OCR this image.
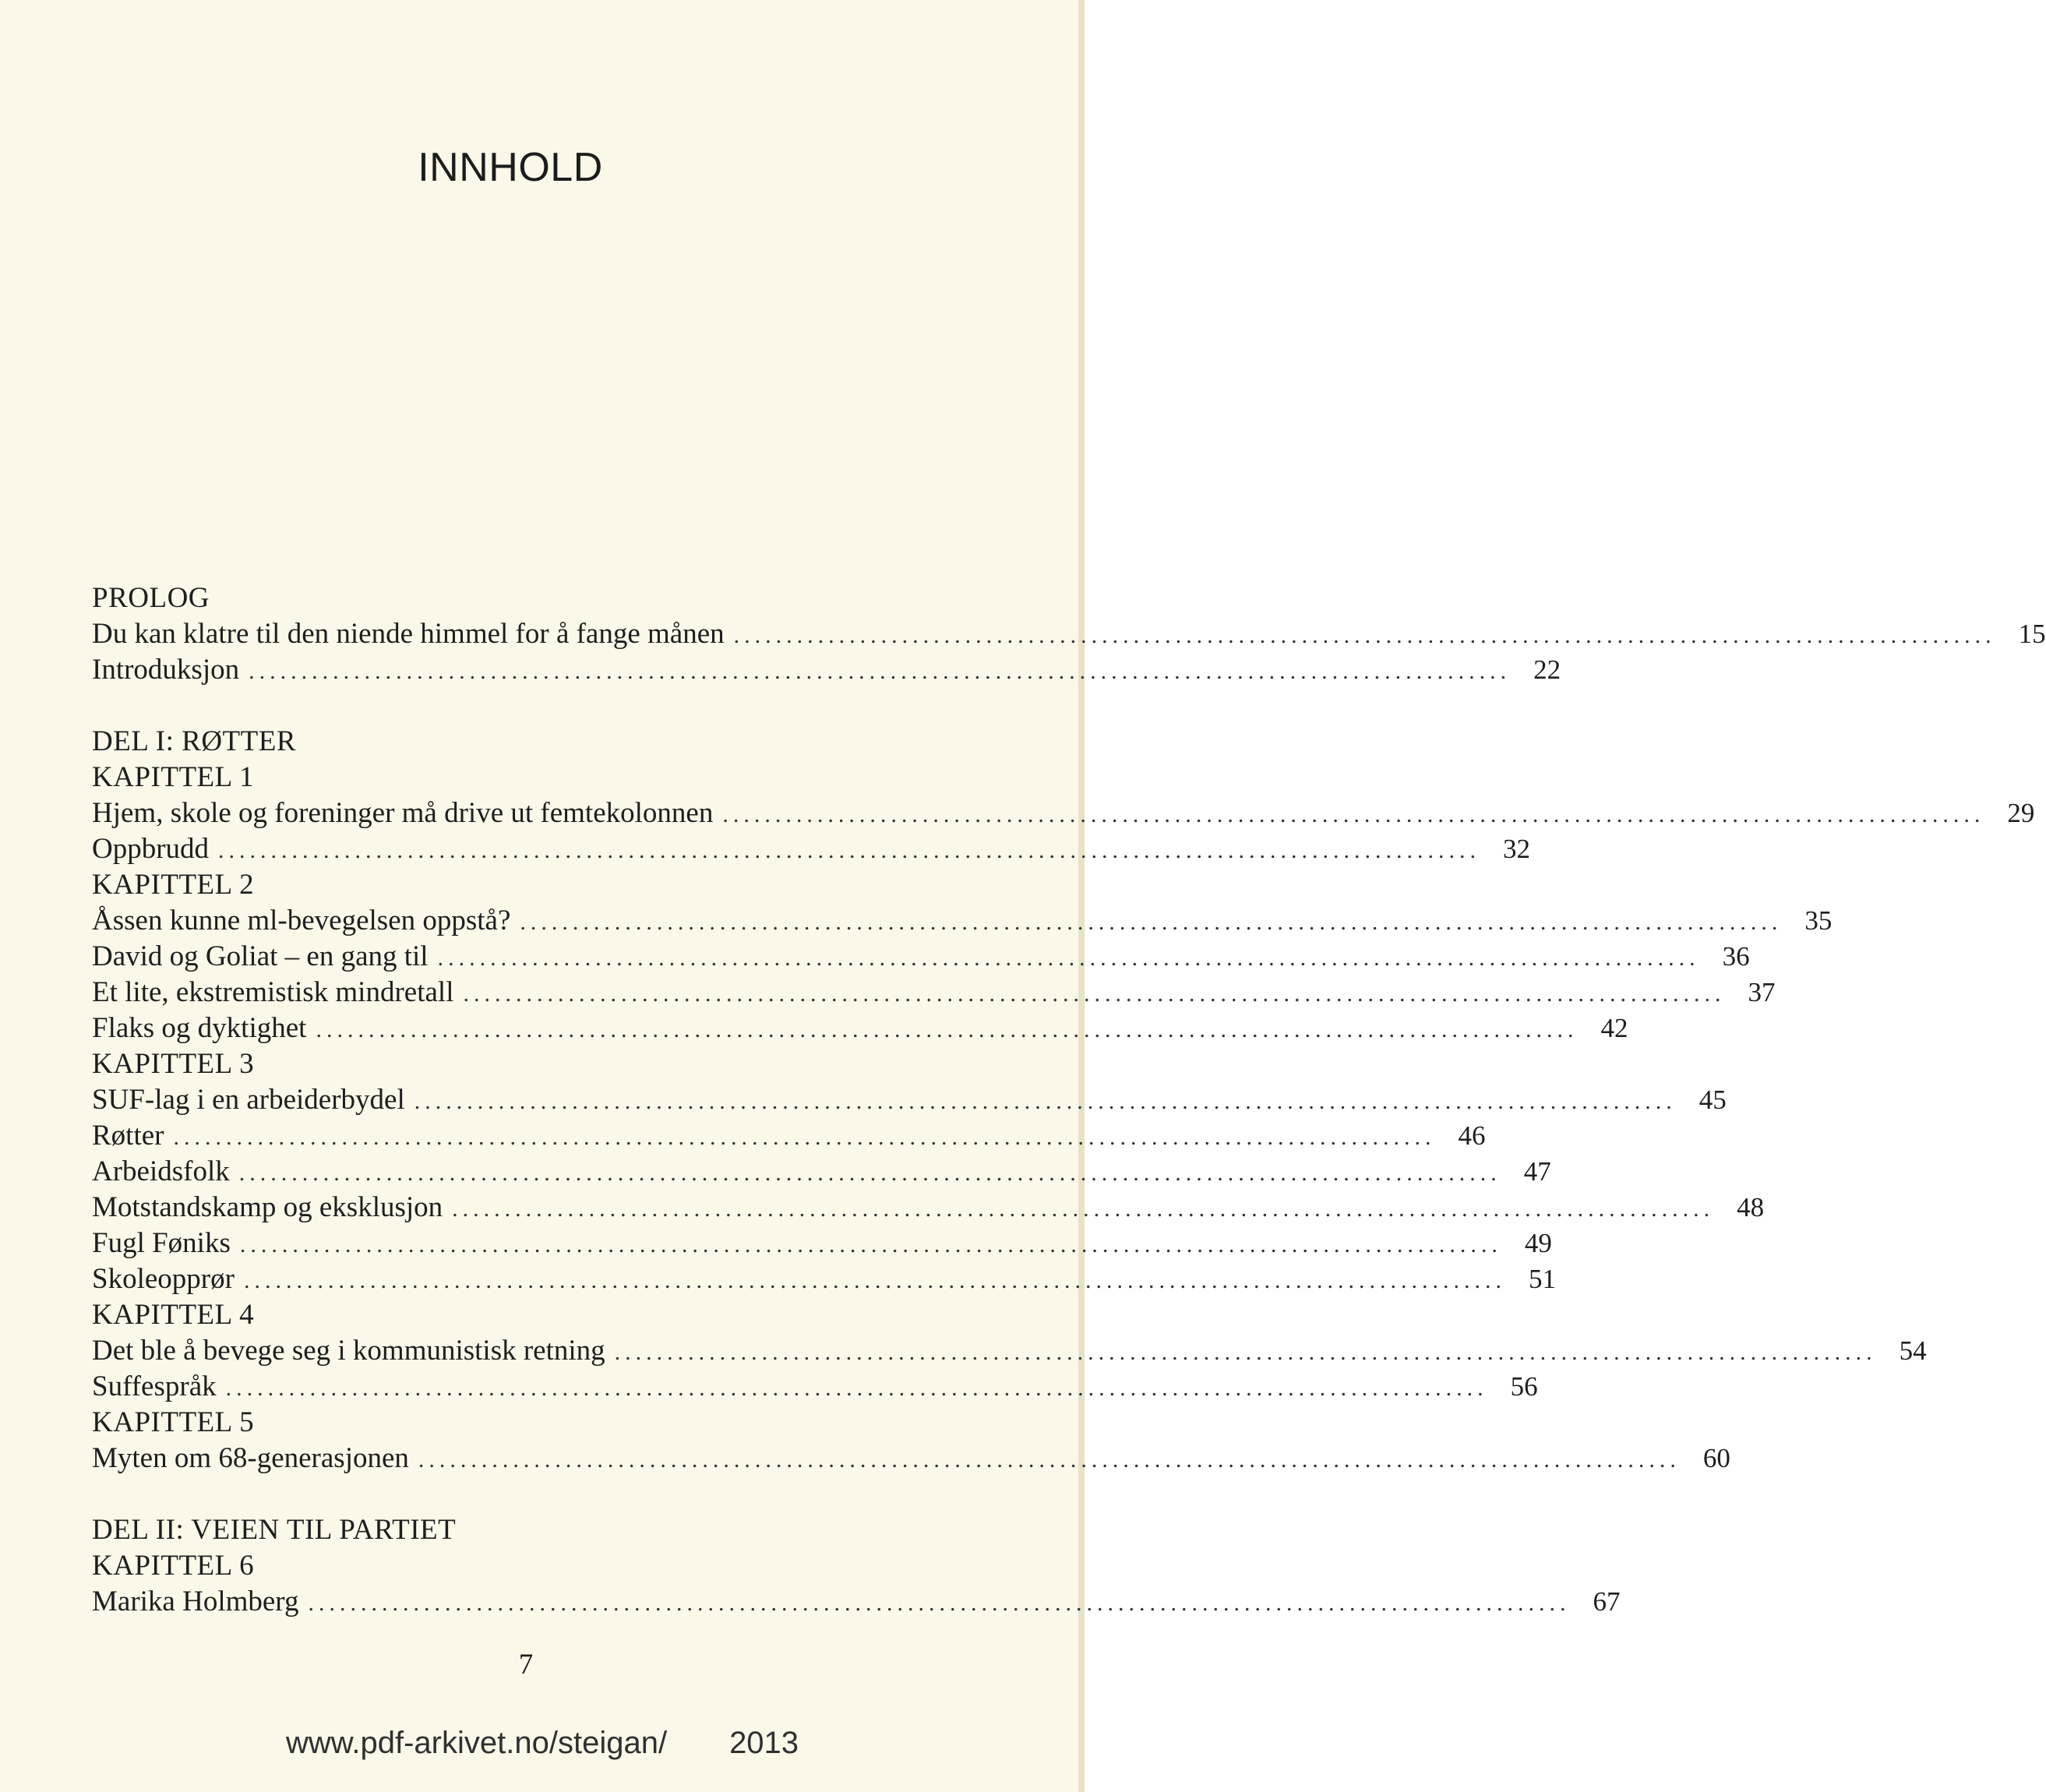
INNHOLD
PROLOG
Du kan klatre til den niende himmel for å fange månen ........................................................................................................................ 15
Introduksjon ........................................................................................................................ 22
DEL I: RØTTER
KAPITTEL 1
Hjem, skole og foreninger må drive ut femtekolonnen ........................................................................................................................ 29
Oppbrudd ........................................................................................................................ 32
KAPITTEL 2
Åssen kunne ml-bevegelsen oppstå? ........................................................................................................................ 35
David og Goliat – en gang til ........................................................................................................................ 36
Et lite, ekstremistisk mindretall ........................................................................................................................ 37
Flaks og dyktighet ........................................................................................................................ 42
KAPITTEL 3
SUF-lag i en arbeiderbydel ........................................................................................................................ 45
Røtter ........................................................................................................................ 46
Arbeidsfolk ........................................................................................................................ 47
Motstandskamp og eksklusjon ........................................................................................................................ 48
Fugl Føniks ........................................................................................................................ 49
Skoleopprør ........................................................................................................................ 51
KAPITTEL 4
Det ble å bevege seg i kommunistisk retning ........................................................................................................................ 54
Suffespråk ........................................................................................................................ 56
KAPITTEL 5
Myten om 68-generasjonen ........................................................................................................................ 60
DEL II: VEIEN TIL PARTIET
KAPITTEL 6
Marika Holmberg ........................................................................................................................ 67
7
www.pdf-arkivet.no/steigan/ 2013
